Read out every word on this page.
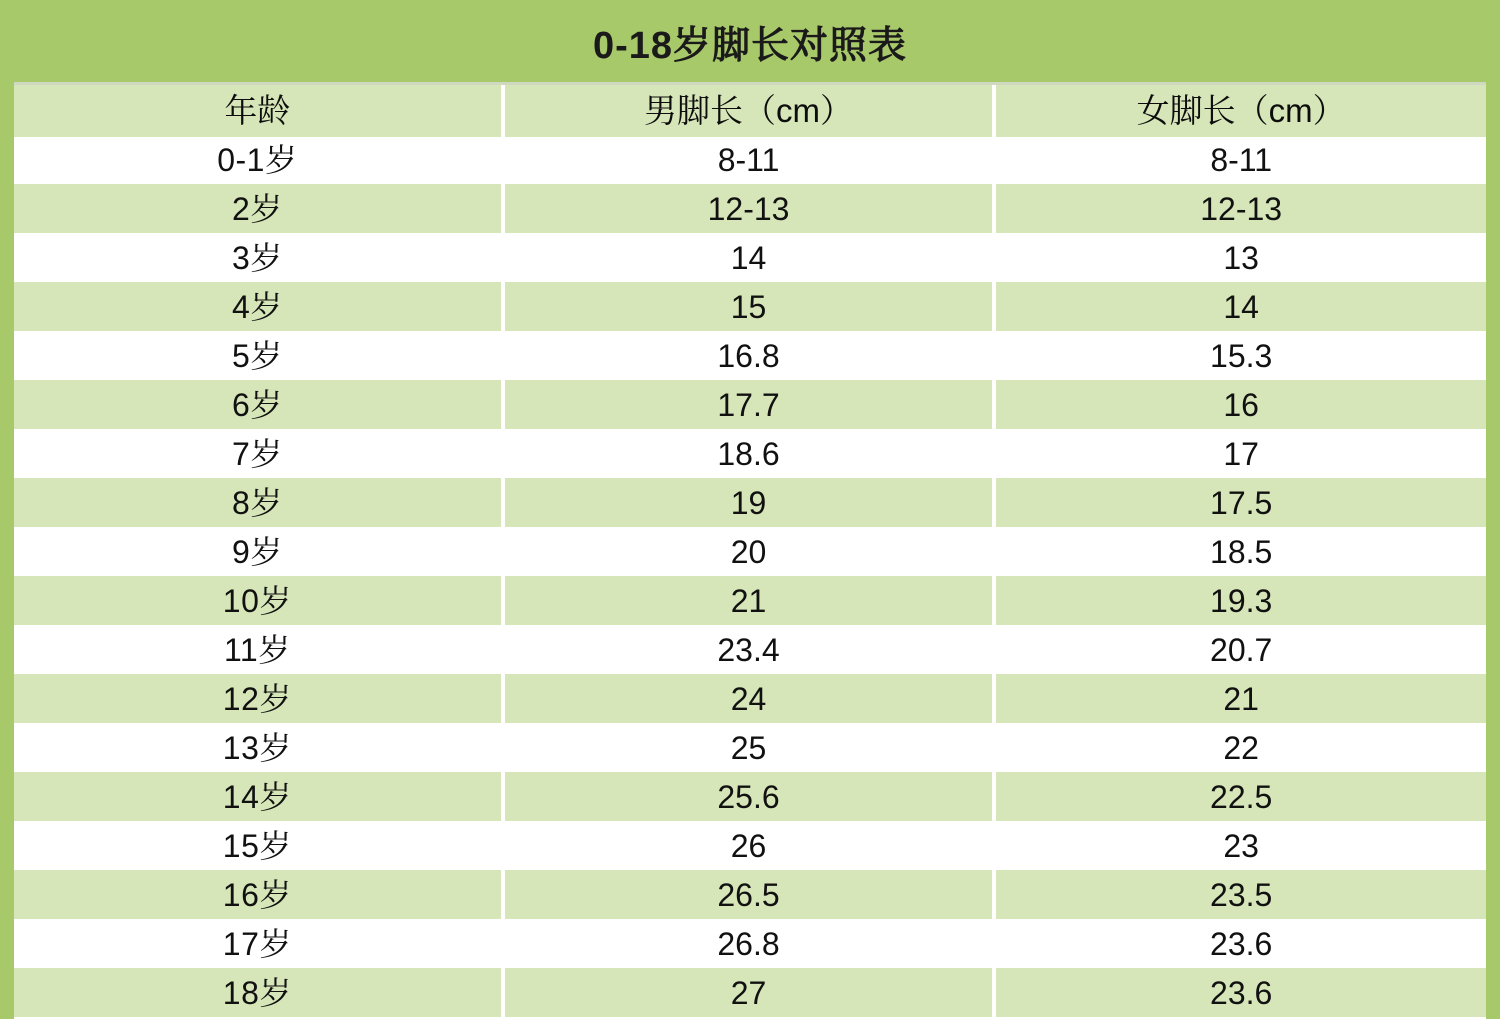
0-18岁脚长对照表
年龄	男脚长（cm）	女脚长（cm）
0-1岁	8-11	8-11
2岁	12-13	12-13
3岁	14	13
4岁	15	14
5岁	16.8	15.3
6岁	17.7	16
7岁	18.6	17
8岁	19	17.5
9岁	20	18.5
10岁	21	19.3
11岁	23.4	20.7
12岁	24	21
13岁	25	22
14岁	25.6	22.5
15岁	26	23
16岁	26.5	23.5
17岁	26.8	23.6
18岁	27	23.6
